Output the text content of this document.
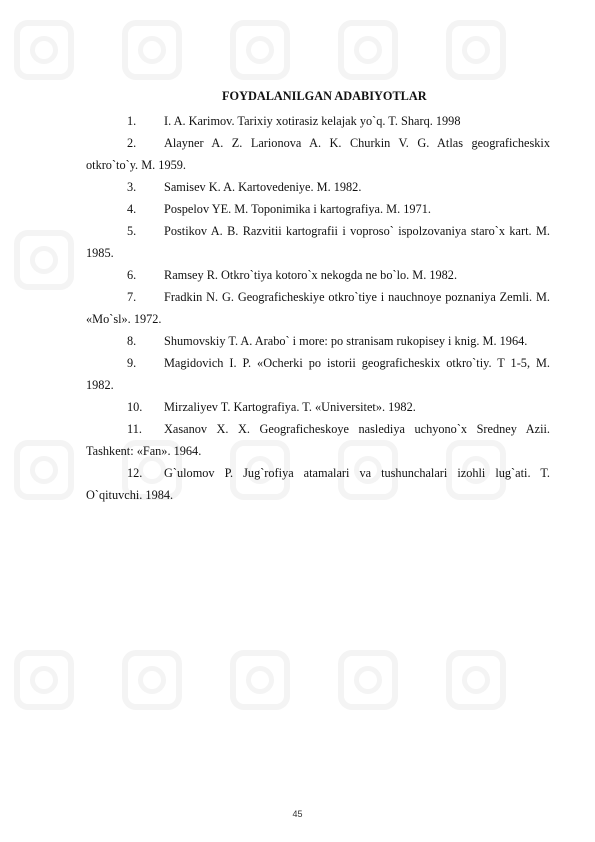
FOYDALANILGAN ADABIYOTLAR

1. I. A. Karimov. Tarixiy xotirasiz kelajak yo`q. T. Sharq. 1998

2. Alayner A. Z. Larionova A. K. Churkin V. G. Atlas geograficheskix otkro`to`y. M. 1959.

3. Samisev K. A. Kartovedeniye. M. 1982.

4. Pospelov YE. M. Toponimika i kartografiya. M. 1971.

5. Postikov A. B. Razvitii kartografii i voproso` ispolzovaniya staro`x kart. M. 1985.

6. Ramsey R. Otkro`tiya kotoro`x nekogda ne bo`lo. M. 1982.

7. Fradkin N. G. Geograficheskiye otkro`tiye i nauchnoye poznaniya Zemli. M. «Mo`sl». 1972.

8. Shumovskiy T. A. Arabo` i more: po stranisam rukopisey i knig. M. 1964.

9. Magidovich I. P. «Ocherki po istorii geograficheskix otkro`tiy. T 1-5, M. 1982.

10. Mirzaliyev T. Kartografiya. T. «Universitet». 1982.

11. Xasanov X. X. Geograficheskoye naslediya uchyono`x Sredney Azii. Tashkent: «Fan». 1964.

12. G`ulomov P. Jug`rofiya atamalari va tushunchalari izohli lug`ati. T. O`qituvchi. 1984.

45
